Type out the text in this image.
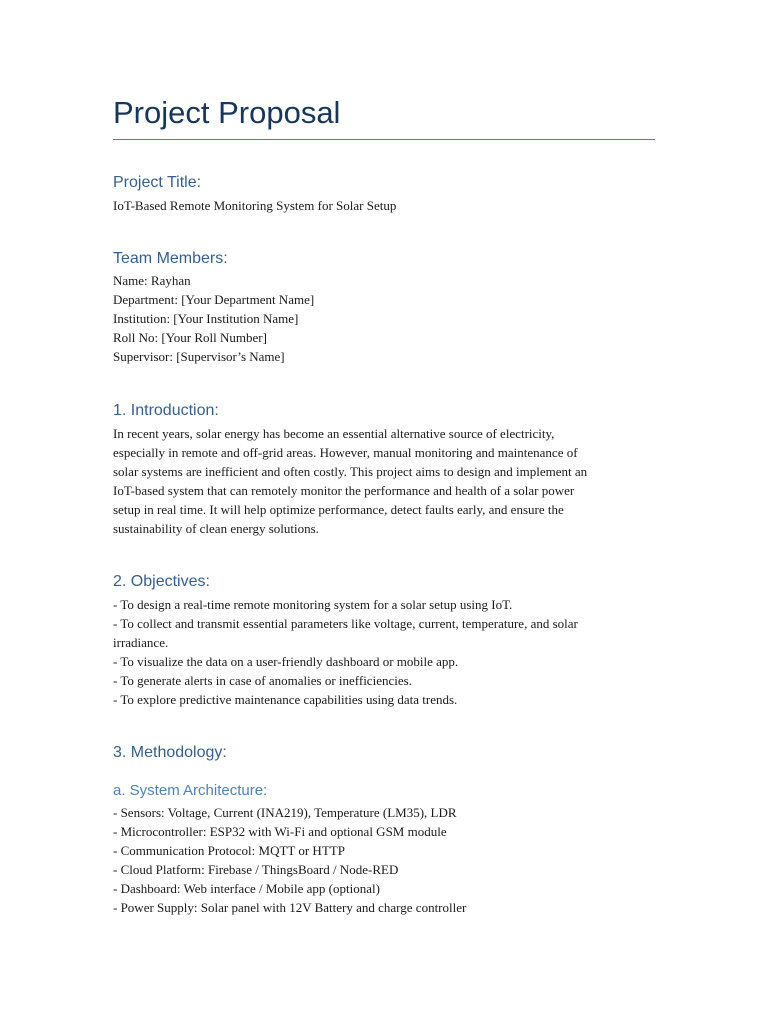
Project Proposal
Project Title:
IoT-Based Remote Monitoring System for Solar Setup
Team Members:
Name: Rayhan
Department: [Your Department Name]
Institution: [Your Institution Name]
Roll No: [Your Roll Number]
Supervisor: [Supervisor’s Name]
1. Introduction:
In recent years, solar energy has become an essential alternative source of electricity,
especially in remote and off-grid areas. However, manual monitoring and maintenance of
solar systems are inefficient and often costly. This project aims to design and implement an
IoT-based system that can remotely monitor the performance and health of a solar power
setup in real time. It will help optimize performance, detect faults early, and ensure the
sustainability of clean energy solutions.
2. Objectives:
- To design a real-time remote monitoring system for a solar setup using IoT.
- To collect and transmit essential parameters like voltage, current, temperature, and solar
irradiance.
- To visualize the data on a user-friendly dashboard or mobile app.
- To generate alerts in case of anomalies or inefficiencies.
- To explore predictive maintenance capabilities using data trends.
3. Methodology:
a. System Architecture:
- Sensors: Voltage, Current (INA219), Temperature (LM35), LDR
- Microcontroller: ESP32 with Wi-Fi and optional GSM module
- Communication Protocol: MQTT or HTTP
- Cloud Platform: Firebase / ThingsBoard / Node-RED
- Dashboard: Web interface / Mobile app (optional)
- Power Supply: Solar panel with 12V Battery and charge controller
